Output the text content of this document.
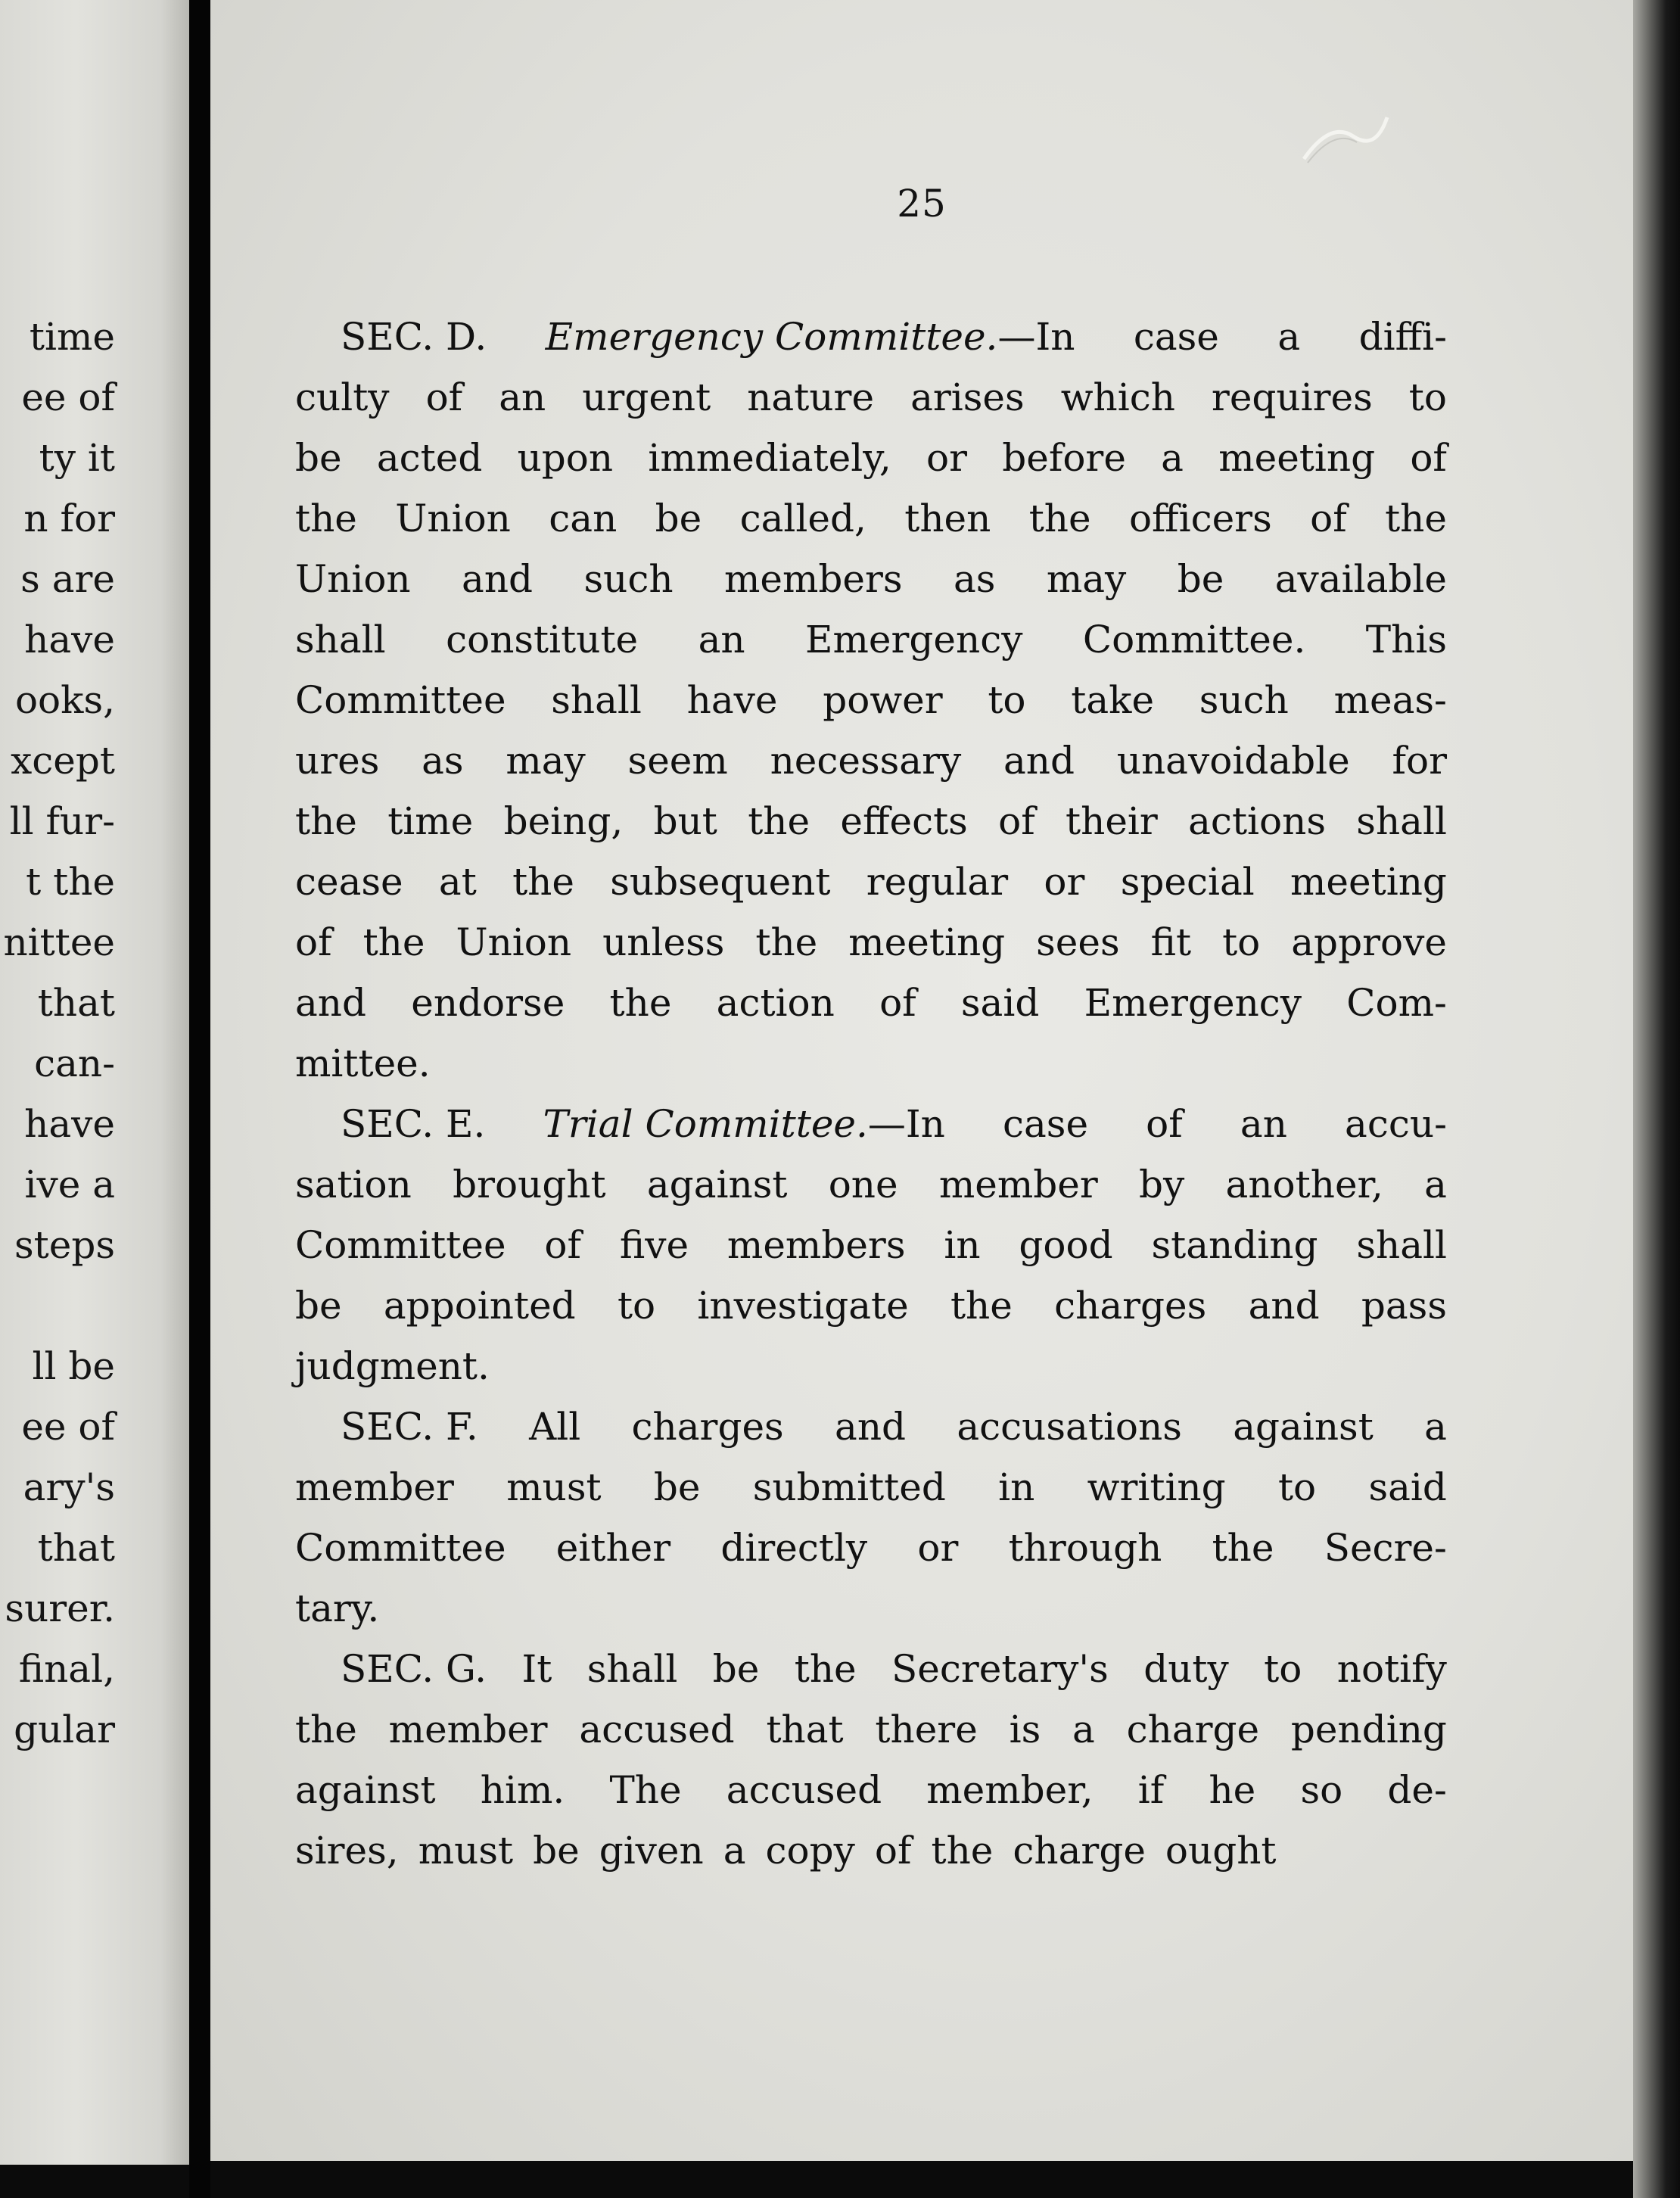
time
ee of
ty it
n for
s are
have
ooks,
xcept
ll fur-
t the
nittee
that
can-
have
ive a
steps
ll be
ee of
ary's
that
surer.
final,
gular
25
SEC. D. Emergency Committee.—In case a diffi-
culty of an urgent nature arises which requires to
be acted upon immediately, or before a meeting of
the Union can be called, then the officers of the
Union and such members as may be available
shall constitute an Emergency Committee. This
Committee shall have power to take such meas-
ures as may seem necessary and unavoidable for
the time being, but the effects of their actions shall
cease at the subsequent regular or special meeting
of the Union unless the meeting sees fit to approve
and endorse the action of said Emergency Com-
mittee.
SEC. E. Trial Committee.—In case of an accu-
sation brought against one member by another, a
Committee of five members in good standing shall
be appointed to investigate the charges and pass
judgment.
SEC. F. All charges and accusations against a
member must be submitted in writing to said
Committee either directly or through the Secre-
tary.
SEC. G. It shall be the Secretary's duty to notify
the member accused that there is a charge pending
against him. The accused member, if he so de-
sires, must be given a copy of the charge ought
